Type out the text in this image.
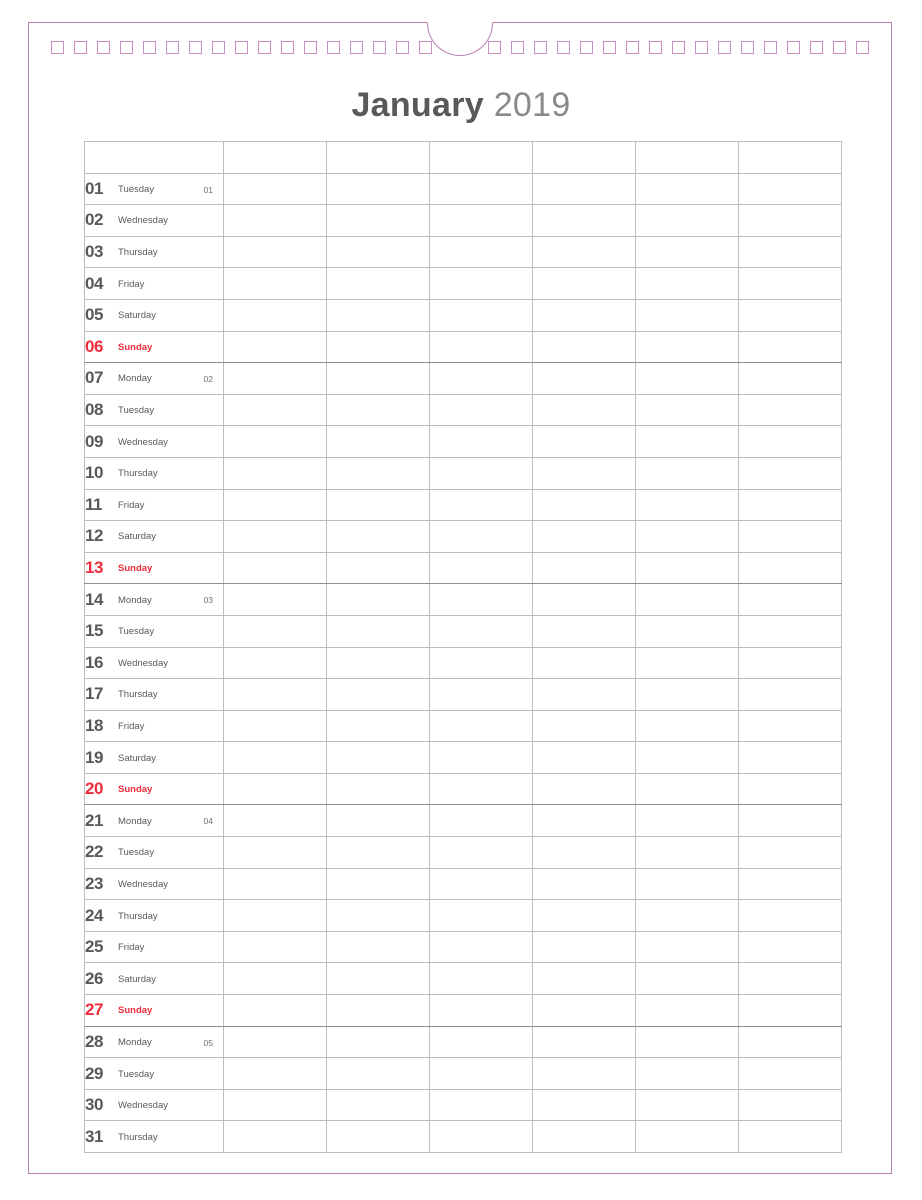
January 2019

01 Tuesday 01						

02 Wednesday						
03 Thursday						
04 Friday						
05 Saturday						
06 Sunday						
07 Monday 02						

08 Tuesday						
09 Wednesday						
10 Thursday						
11 Friday						
12 Saturday						
13 Sunday						
14 Monday 03						

15 Tuesday						
16 Wednesday						
17 Thursday						
18 Friday						
19 Saturday						
20 Sunday						
21 Monday 04						

22 Tuesday						
23 Wednesday						
24 Thursday						
25 Friday						
26 Saturday						
27 Sunday						
28 Monday 05						

29 Tuesday						
30 Wednesday						
31 Thursday						
